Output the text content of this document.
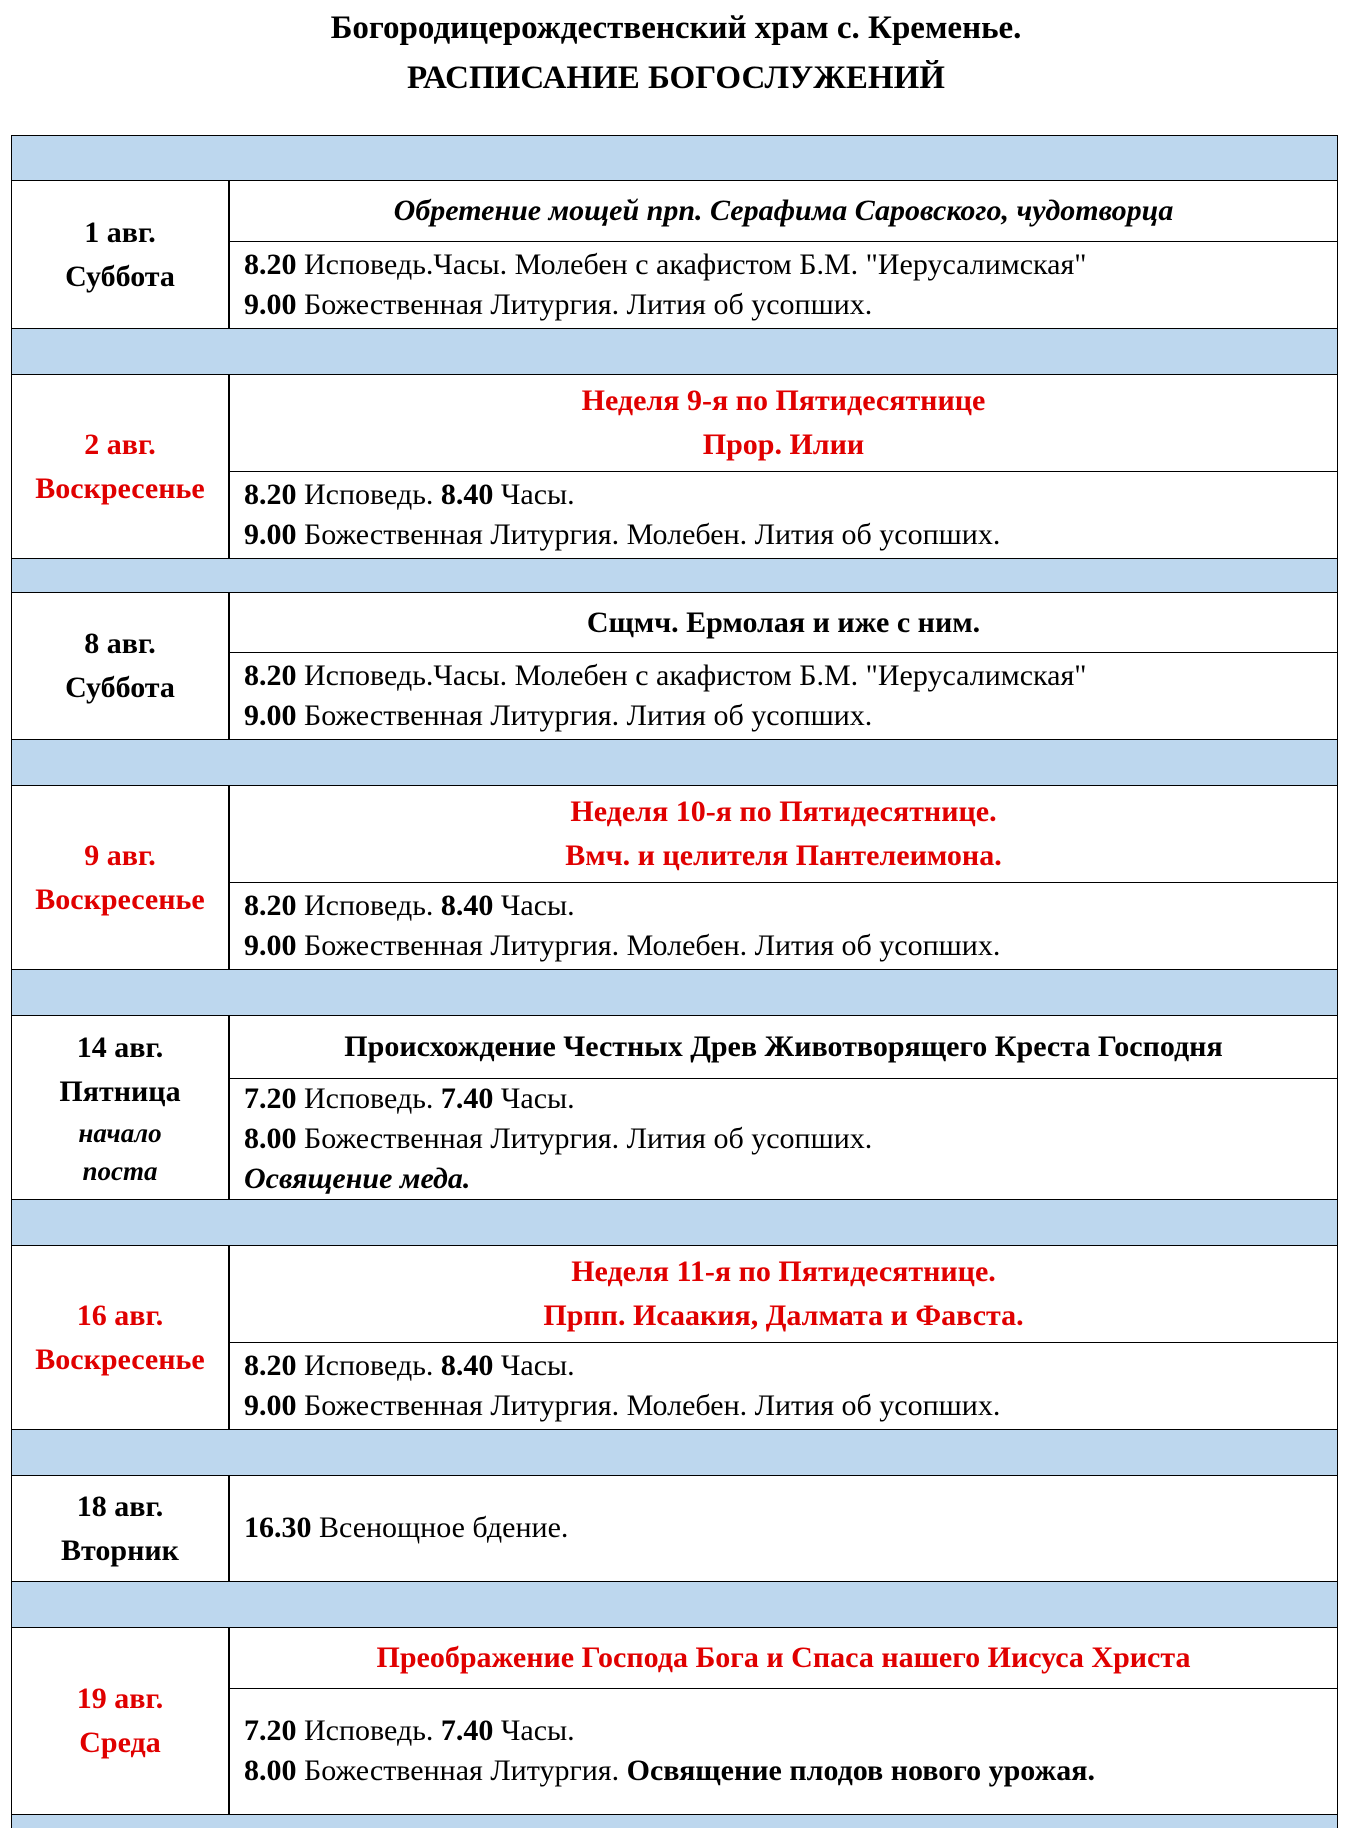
Богородицерождественский храм с. Кременье.
РАСПИСАНИЕ БОГОСЛУЖЕНИЙ
1 авг.
Суббота
Обретение мощей прп. Серафима Саровского, чудотворца
8.20 Исповедь.Часы. Молебен с акафистом Б.М. "Иерусалимская"
9.00 Божественная Литургия. Лития об усопших.
2 авг.
Воскресенье
Неделя 9-я по Пятидесятнице
Прор. Илии
8.20 Исповедь. 8.40 Часы.
9.00 Божественная Литургия. Молебен. Лития об усопших.
8 авг.
Суббота
Сщмч. Ермолая и иже с ним.
8.20 Исповедь.Часы. Молебен с акафистом Б.М. "Иерусалимская"
9.00 Божественная Литургия. Лития об усопших.
9 авг.
Воскресенье
Неделя 10-я по Пятидесятнице.
Вмч. и целителя Пантелеимона.
8.20 Исповедь. 8.40 Часы.
9.00 Божественная Литургия. Молебен. Лития об усопших.
14 авг.
Пятница
начало
поста
Происхождение Честных Древ Животворящего Креста Господня
7.20 Исповедь. 7.40 Часы.
8.00 Божественная Литургия. Лития об усопших.
Освящение меда.
16 авг.
Воскресенье
Неделя 11-я по Пятидесятнице.
Прпп. Исаакия, Далмата и Фавста.
8.20 Исповедь. 8.40 Часы.
9.00 Божественная Литургия. Молебен. Лития об усопших.
18 авг.
Вторник
16.30 Всенощное бдение.
19 авг.
Среда
Преображение Господа Бога и Спаса нашего Иисуса Христа
7.20 Исповедь. 7.40 Часы.
8.00 Божественная Литургия. Освящение плодов нового урожая.
